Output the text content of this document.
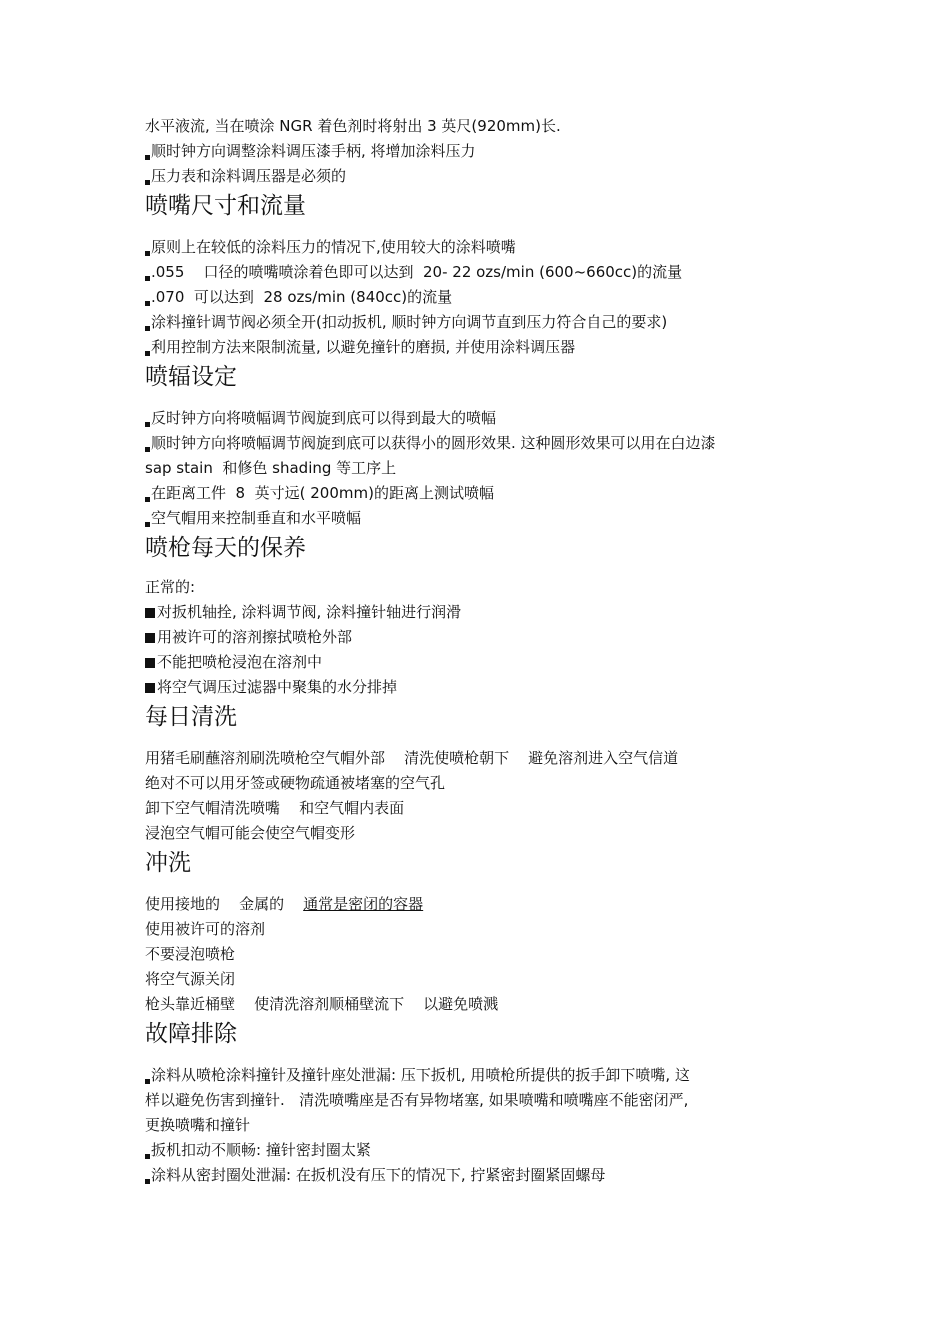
水平液流, 当在喷涂 NGR 着色剂时将射出 3 英尺(920mm)长.
顺时钟方向调整涂料调压漆手柄, 将增加涂料压力
压力表和涂料调压器是必须的
喷嘴尺寸和流量
原则上在较低的涂料压力的情况下,使用较大的涂料喷嘴
.055    口径的喷嘴喷涂着色即可以达到  20- 22 ozs/min (600~660cc)的流量
.070  可以达到  28 ozs/min (840cc)的流量
涂料撞针调节阀必须全开(扣动扳机, 顺时钟方向调节直到压力符合自己的要求)
利用控制方法来限制流量, 以避免撞针的磨损, 并使用涂料调压器
喷辐设定
反时钟方向将喷幅调节阀旋到底可以得到最大的喷幅
顺时钟方向将喷幅调节阀旋到底可以获得小的圆形效果. 这种圆形效果可以用在白边漆
sap stain  和修色 shading 等工序上
在距离工件  8  英寸远( 200mm)的距离上测试喷幅
空气帽用来控制垂直和水平喷幅
喷枪每天的保养
正常的:
对扳机轴拴, 涂料调节阀, 涂料撞针轴进行润滑
用被许可的溶剂擦拭喷枪外部
不能把喷枪浸泡在溶剂中
将空气调压过滤器中聚集的水分排掉
每日清洗
用猪毛刷蘸溶剂刷洗喷枪空气帽外部    清洗使喷枪朝下    避免溶剂进入空气信道
绝对不可以用牙签或硬物疏通被堵塞的空气孔
卸下空气帽清洗喷嘴    和空气帽内表面
浸泡空气帽可能会使空气帽变形
冲洗
使用接地的    金属的    通常是密闭的容器
使用被许可的溶剂
不要浸泡喷枪
将空气源关闭
枪头靠近桶壁    使清洗溶剂顺桶壁流下    以避免喷溅
故障排除
涂料从喷枪涂料撞针及撞针座处泄漏: 压下扳机, 用喷枪所提供的扳手卸下喷嘴, 这
样以避免伤害到撞针.   清洗喷嘴座是否有异物堵塞, 如果喷嘴和喷嘴座不能密闭严,
更换喷嘴和撞针
扳机扣动不顺畅: 撞针密封圈太紧
涂料从密封圈处泄漏: 在扳机没有压下的情况下, 拧紧密封圈紧固螺母
